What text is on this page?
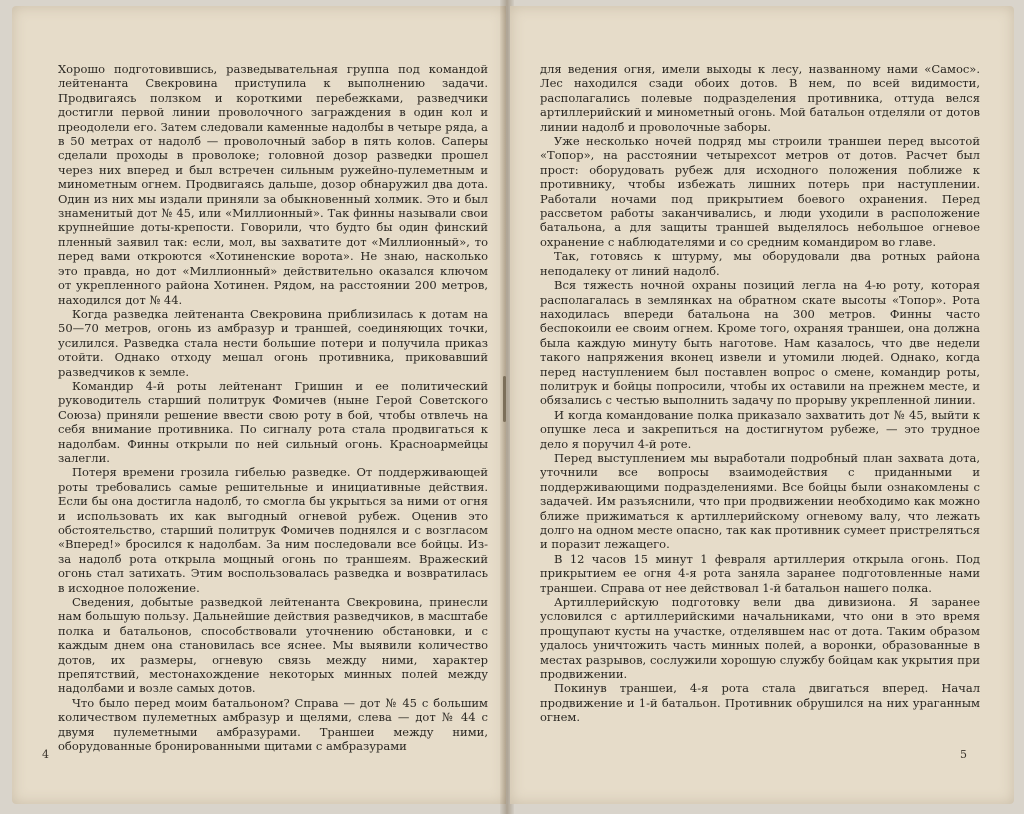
Хорошо подготовившись, разведывательная группа под командой лейтенанта Свекровина приступила к выполнению задачи. Продвигаясь ползком и короткими перебежками, разведчики достигли первой линии проволочного заграждения в один кол и преодолели его. Затем следовали каменные надолбы в четыре ряда, а в 50 метрах от надолб — проволочный забор в пять колов. Саперы сделали проходы в проволоке; головной дозор разведки прошел через них вперед и был встречен сильным ружейно-пулеметным и минометным огнем. Продвигаясь дальше, дозор обнаружил два дота. Один из них мы издали приняли за обыкновенный холмик. Это и был знаменитый дот № 45, или «Миллионный». Так финны называли свои крупнейшие доты-крепости. Говорили, что будто бы один финский пленный заявил так: если, мол, вы захватите дот «Миллионный», то перед вами откроются «Хотиненские ворота». Не знаю, насколько это правда, но дот «Миллионный» действительно оказался ключом от укрепленного района Хотинен. Рядом, на расстоянии 200 метров, находился дот № 44.

Когда разведка лейтенанта Свекровина приблизилась к дотам на 50—70 метров, огонь из амбразур и траншей, соединяющих точки, усилился. Разведка стала нести большие потери и получила приказ отойти. Однако отходу мешал огонь противника, приковавший разведчиков к земле.

Командир 4-й роты лейтенант Гришин и ее политический руководитель старший политрук Фомичев (ныне Герой Советского Союза) приняли решение ввести свою роту в бой, чтобы отвлечь на себя внимание противника. По сигналу рота стала продвигаться к надолбам. Финны открыли по ней сильный огонь. Красноармейцы залегли.

Потеря времени грозила гибелью разведке. От поддерживающей роты требовались самые решительные и инициативные действия. Если бы она достигла надолб, то смогла бы укрыться за ними от огня и использовать их как выгодный огневой рубеж. Оценив это обстоятельство, старший политрук Фомичев поднялся и с возгласом «Вперед!» бросился к надолбам. За ним последовали все бойцы. Из-за надолб рота открыла мощный огонь по траншеям. Вражеский огонь стал затихать. Этим воспользовалась разведка и возвратилась в исходное положение.

Сведения, добытые разведкой лейтенанта Свекровина, принесли нам большую пользу. Дальнейшие действия разведчиков, в масштабе полка и батальонов, способствовали уточнению обстановки, и с каждым днем она становилась все яснее. Мы выявили количество дотов, их размеры, огневую связь между ними, характер препятствий, местонахождение некоторых минных полей между надолбами и возле самых дотов.

Что было перед моим батальоном? Справа — дот № 45 с большим количеством пулеметных амбразур и щелями, слева — дот № 44 с двумя пулеметными амбразурами. Траншеи между ними, оборудованные бронированными щитами с амбразурами

4

для ведения огня, имели выходы к лесу, названному нами «Самос». Лес находился сзади обоих дотов. В нем, по всей видимости, располагались полевые подразделения противника, оттуда велся артиллерийский и минометный огонь. Мой батальон отделяли от дотов линии надолб и проволочные заборы.

Уже несколько ночей подряд мы строили траншеи перед высотой «Топор», на расстоянии четырехсот метров от дотов. Расчет был прост: оборудовать рубеж для исходного положения поближе к противнику, чтобы избежать лишних потерь при наступлении. Работали ночами под прикрытием боевого охранения. Перед рассветом работы заканчивались, и люди уходили в расположение батальона, а для защиты траншей выделялось небольшое огневое охранение с наблюдателями и со средним командиром во главе.

Так, готовясь к штурму, мы оборудовали два ротных района неподалеку от линий надолб.

Вся тяжесть ночной охраны позиций легла на 4-ю роту, которая располагалась в землянках на обратном скате высоты «Топор». Рота находилась впереди батальона на 300 метров. Финны часто беспокоили ее своим огнем. Кроме того, охраняя траншеи, она должна была каждую минуту быть наготове. Нам казалось, что две недели такого напряжения вконец извели и утомили людей. Однако, когда перед наступлением был поставлен вопрос о смене, командир роты, политрук и бойцы попросили, чтобы их оставили на прежнем месте, и обязались с честью выполнить задачу по прорыву укрепленной линии.

И когда командование полка приказало захватить дот № 45, выйти к опушке леса и закрепиться на достигнутом рубеже, — это трудное дело я поручил 4-й роте.

Перед выступлением мы выработали подробный план захвата дота, уточнили все вопросы взаимодействия с приданными и поддерживающими подразделениями. Все бойцы были ознакомлены с задачей. Им разъяснили, что при продвижении необходимо как можно ближе прижиматься к артиллерийскому огневому валу, что лежать долго на одном месте опасно, так как противник сумеет пристреляться и поразит лежащего.

В 12 часов 15 минут 1 февраля артиллерия открыла огонь. Под прикрытием ее огня 4-я рота заняла заранее подготовленные нами траншеи. Справа от нее действовал 1-й батальон нашего полка.

Артиллерийскую подготовку вели два дивизиона. Я заранее условился с артиллерийскими начальниками, что они в это время прощупают кусты на участке, отделявшем нас от дота. Таким образом удалось уничтожить часть минных полей, а воронки, образованные в местах разрывов, сослужили хорошую службу бойцам как укрытия при продвижении.

Покинув траншеи, 4-я рота стала двигаться вперед. Начал продвижение и 1-й батальон. Противник обрушился на них ураганным огнем.

5
